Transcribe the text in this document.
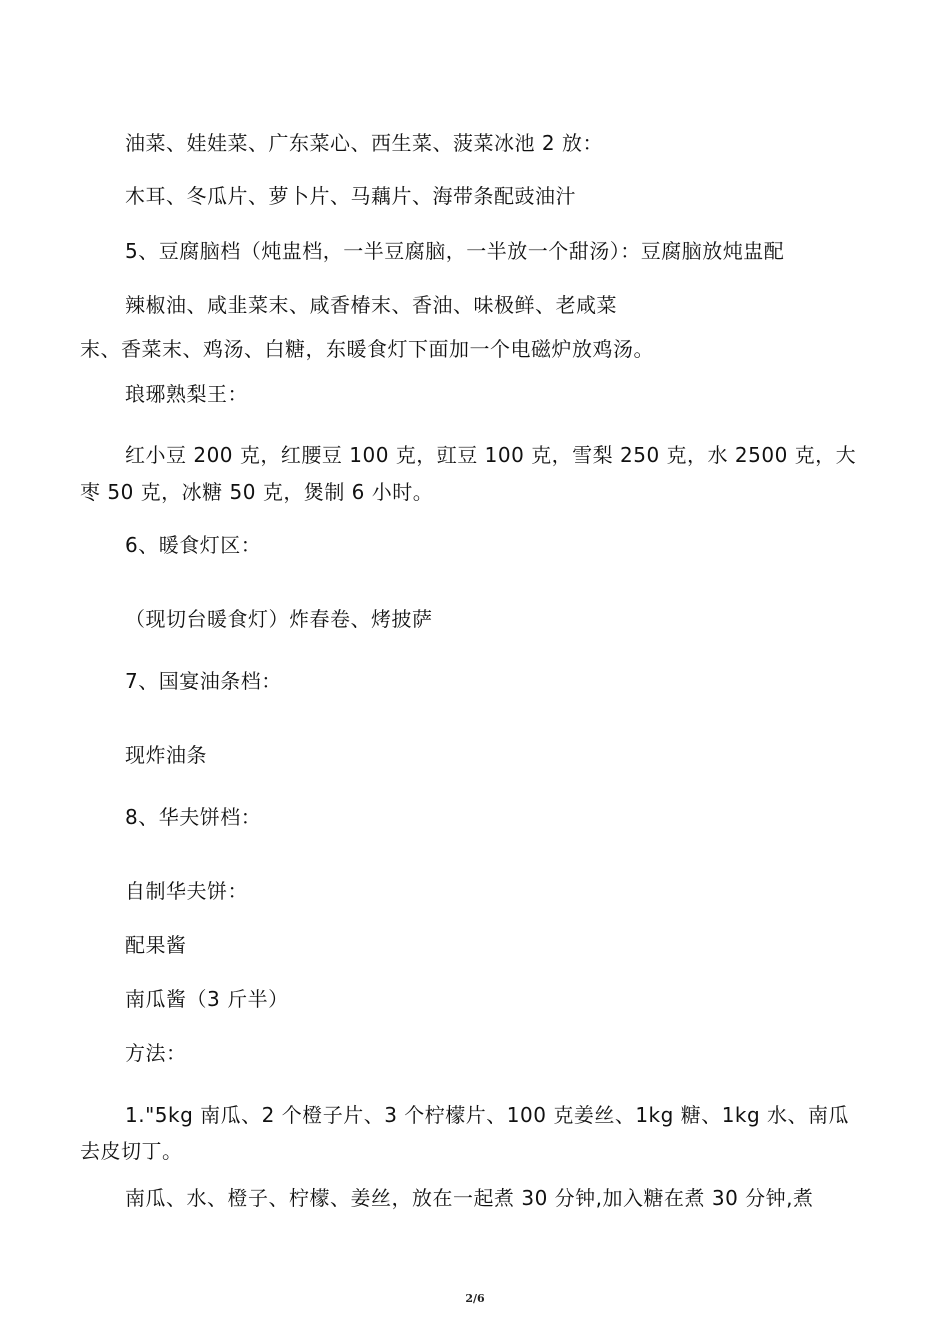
油菜、娃娃菜、广东菜心、西生菜、菠菜冰池 2 放：
木耳、冬瓜片、萝卜片、马藕片、海带条配豉油汁
5、豆腐脑档（炖盅档，一半豆腐脑，一半放一个甜汤）：豆腐脑放炖盅配
辣椒油、咸韭菜末、咸香椿末、香油、味极鲜、老咸菜
末、香菜末、鸡汤、白糖，东暖食灯下面加一个电磁炉放鸡汤。
琅琊熟梨王：
红小豆 200 克，红腰豆 100 克，豇豆 100 克，雪梨 250 克，水 2500 克，大
枣 50 克，冰糖 50 克，煲制 6 小时。
6、暖食灯区：
（现切台暖食灯）炸春卷、烤披萨
7、国宴油条档：
现炸油条
8、华夫饼档：
自制华夫饼：
配果酱
南瓜酱（3 斤半）
方法：
1."5kg 南瓜、2 个橙子片、3 个柠檬片、100 克姜丝、1kg 糖、1kg 水、南瓜
去皮切丁。
南瓜、水、橙子、柠檬、姜丝，放在一起煮 30 分钟,加入糖在煮 30 分钟,煮
2/6
